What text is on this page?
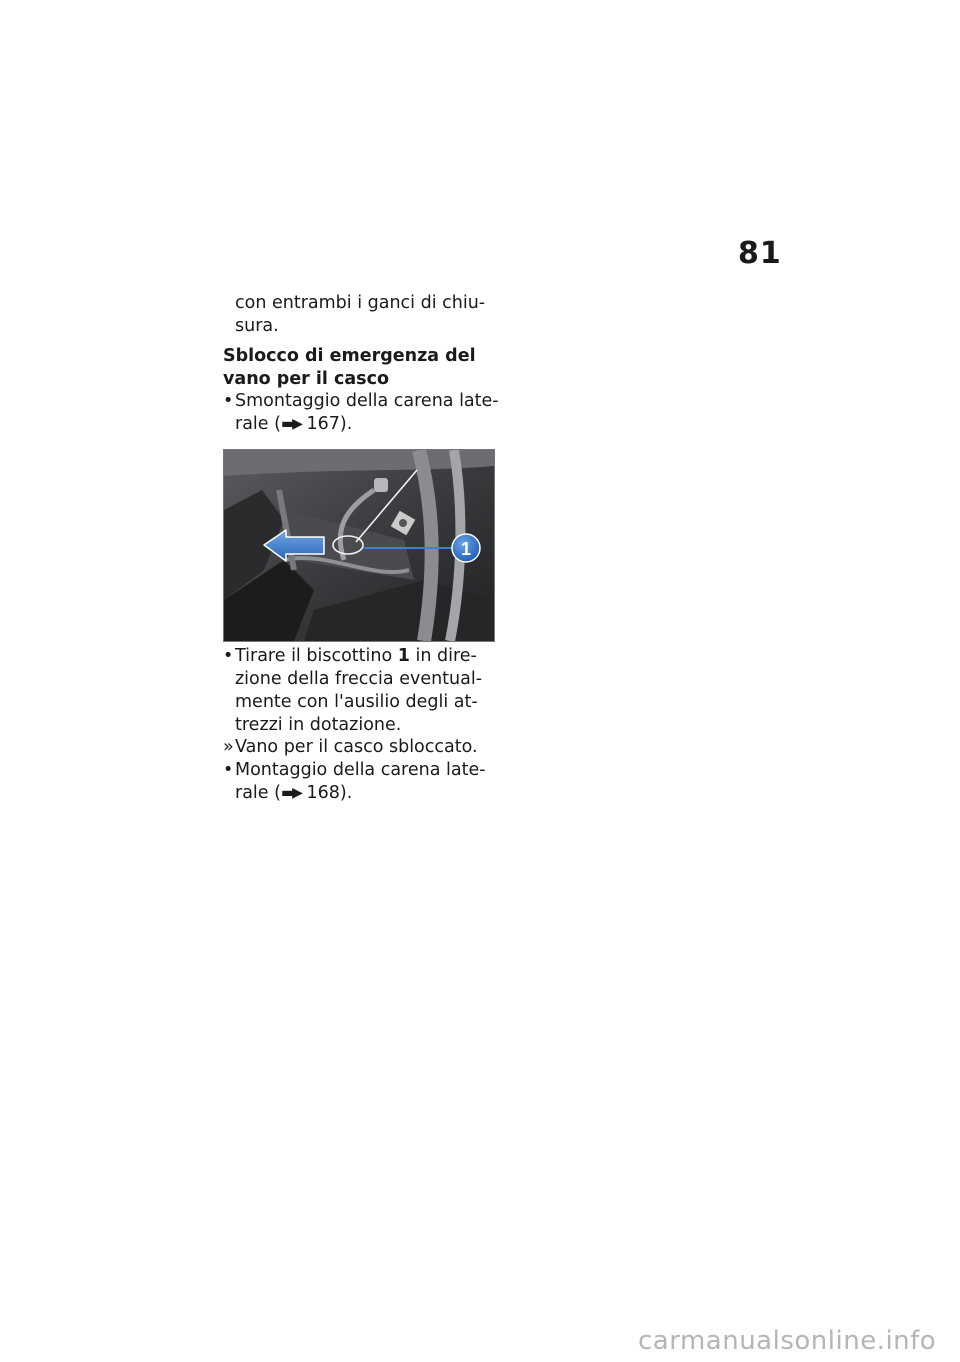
81
con entrambi i ganci di chiu-
sura.
Sblocco di emergenza del
vano per il casco
• Smontaggio della carena late-
rale (▬▶ 167).
1
• Tirare il biscottino 1 in dire-
zione della freccia eventual-
mente con l'ausilio degli at-
trezzi in dotazione.
» Vano per il casco sbloccato.
• Montaggio della carena late-
rale (▬▶ 168).
carmanualsonline.info
